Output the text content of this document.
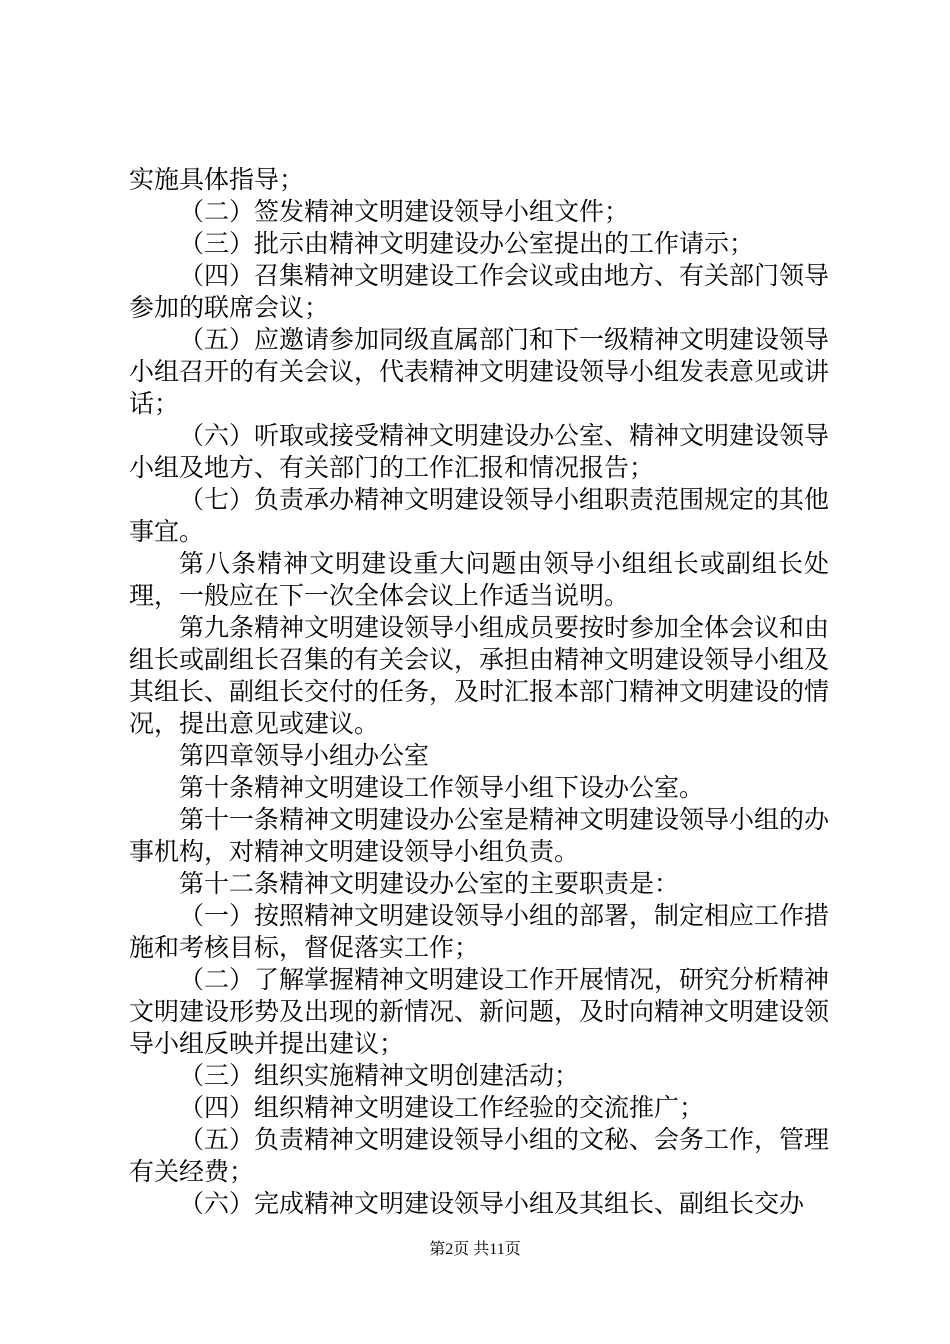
实施具体指导；

（二）签发精神文明建设领导小组文件；

（三）批示由精神文明建设办公室提出的工作请示；

（四）召集精神文明建设工作会议或由地方、有关部门领导参加的联席会议；

（五）应邀请参加同级直属部门和下一级精神文明建设领导小组召开的有关会议，代表精神文明建设领导小组发表意见或讲话；

（六）听取或接受精神文明建设办公室、精神文明建设领导小组及地方、有关部门的工作汇报和情况报告；

（七）负责承办精神文明建设领导小组职责范围规定的其他事宜。

第八条精神文明建设重大问题由领导小组组长或副组长处理，一般应在下一次全体会议上作适当说明。

第九条精神文明建设领导小组成员要按时参加全体会议和由组长或副组长召集的有关会议，承担由精神文明建设领导小组及其组长、副组长交付的任务，及时汇报本部门精神文明建设的情况，提出意见或建议。

第四章领导小组办公室

第十条精神文明建设工作领导小组下设办公室。

第十一条精神文明建设办公室是精神文明建设领导小组的办事机构，对精神文明建设领导小组负责。

第十二条精神文明建设办公室的主要职责是：

（一）按照精神文明建设领导小组的部署，制定相应工作措施和考核目标，督促落实工作；

（二）了解掌握精神文明建设工作开展情况，研究分析精神文明建设形势及出现的新情况、新问题，及时向精神文明建设领导小组反映并提出建议；

（三）组织实施精神文明创建活动；

（四）组织精神文明建设工作经验的交流推广；

（五）负责精神文明建设领导小组的文秘、会务工作，管理有关经费；

（六）完成精神文明建设领导小组及其组长、副组长交办

第2页 共11页
